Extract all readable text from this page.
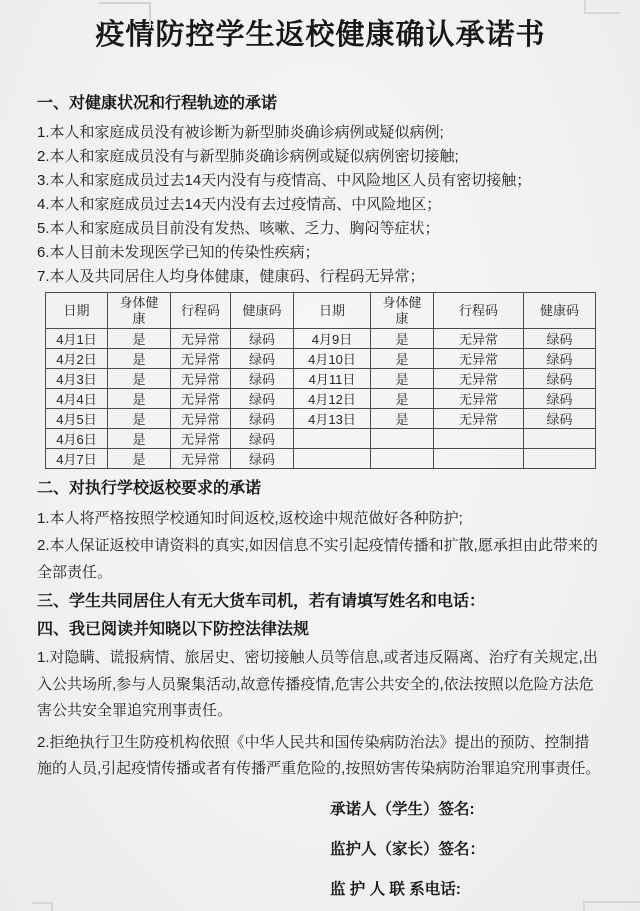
疫情防控学生返校健康确认承诺书
一、对健康状况和行程轨迹的承诺

1.本人和家庭成员没有被诊断为新型肺炎确诊病例或疑似病例;

2.本人和家庭成员没有与新型肺炎确诊病例或疑似病例密切接触;

3.本人和家庭成员过去14天内没有与疫情高、中风险地区人员有密切接触；

4.本人和家庭成员过去14天内没有去过疫情高、中风险地区；

5.本人和家庭成员目前没有发热、咳嗽、乏力、胸闷等症状；

6.本人目前未发现医学已知的传染性疾病；

7.本人及共同居住人均身体健康，健康码、行程码无异常；

日期	身体健康	行程码	健康码	日期	身体健康	行程码	健康码
4月1日	是	无异常	绿码	4月9日	是	无异常	绿码
4月2日	是	无异常	绿码	4月10日	是	无异常	绿码
4月3日	是	无异常	绿码	4月11日	是	无异常	绿码
4月4日	是	无异常	绿码	4月12日	是	无异常	绿码
4月5日	是	无异常	绿码	4月13日	是	无异常	绿码
4月6日	是	无异常	绿码				
4月7日	是	无异常	绿码				
二、对执行学校返校要求的承诺

1.本人将严格按照学校通知时间返校,返校途中规范做好各种防护;

2.本人保证返校申请资料的真实,如因信息不实引起疫情传播和扩散,愿承担由此带来的全部责任。

三、学生共同居住人有无大货车司机，若有请填写姓名和电话：
四、我已阅读并知晓以下防控法律法规

1.对隐瞒、谎报病情、旅居史、密切接触人员等信息,或者违反隔离、治疗有关规定,出入公共场所,参与人员聚集活动,故意传播疫情,危害公共安全的,依法按照以危险方法危害公共安全罪追究刑事责任。

2.拒绝执行卫生防疫机构依照《中华人民共和国传染病防治法》提出的预防、控制措施的人员,引起疫情传播或者有传播严重危险的,按照妨害传染病防治罪追究刑事责任。

承诺人（学生）签名:

监护人（家长）签名：

监 护 人 联 系电话:
